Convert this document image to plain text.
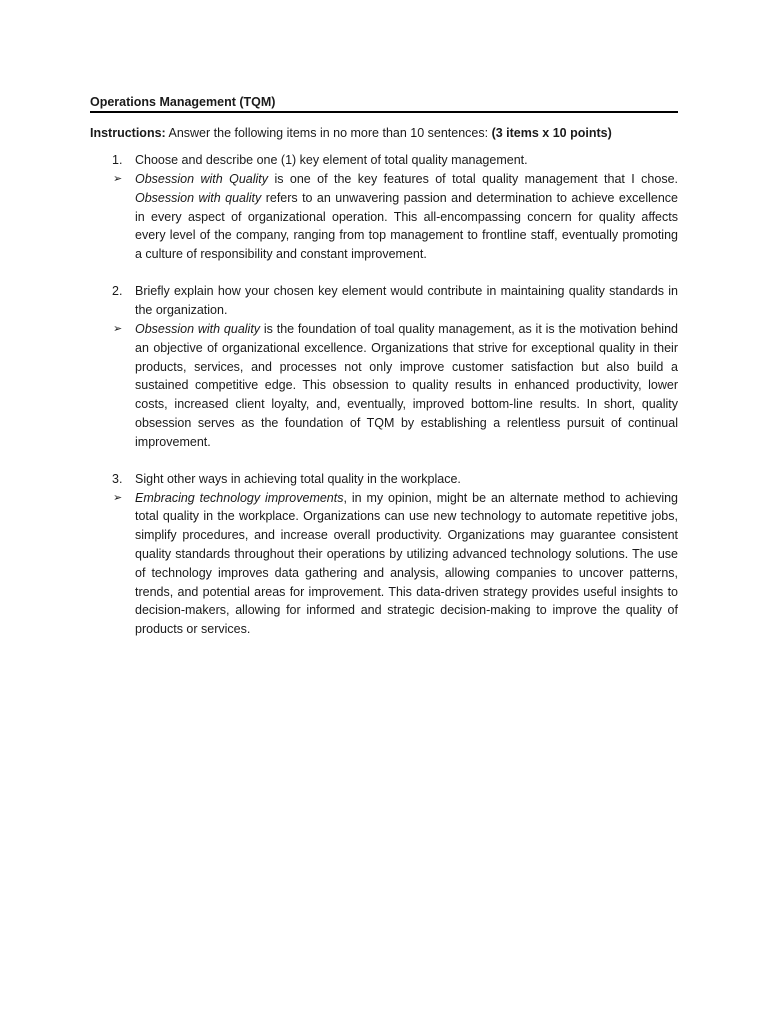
Operations Management (TQM)
Instructions: Answer the following items in no more than 10 sentences: (3 items x 10 points)
1. Choose and describe one (1) key element of total quality management.
➢ Obsession with Quality is one of the key features of total quality management that I chose. Obsession with quality refers to an unwavering passion and determination to achieve excellence in every aspect of organizational operation. This all-encompassing concern for quality affects every level of the company, ranging from top management to frontline staff, eventually promoting a culture of responsibility and constant improvement.
2. Briefly explain how your chosen key element would contribute in maintaining quality standards in the organization.
➢ Obsession with quality is the foundation of toal quality management, as it is the motivation behind an objective of organizational excellence. Organizations that strive for exceptional quality in their products, services, and processes not only improve customer satisfaction but also build a sustained competitive edge. This obsession to quality results in enhanced productivity, lower costs, increased client loyalty, and, eventually, improved bottom-line results. In short, quality obsession serves as the foundation of TQM by establishing a relentless pursuit of continual improvement.
3. Sight other ways in achieving total quality in the workplace.
➢ Embracing technology improvements, in my opinion, might be an alternate method to achieving total quality in the workplace. Organizations can use new technology to automate repetitive jobs, simplify procedures, and increase overall productivity. Organizations may guarantee consistent quality standards throughout their operations by utilizing advanced technology solutions. The use of technology improves data gathering and analysis, allowing companies to uncover patterns, trends, and potential areas for improvement. This data-driven strategy provides useful insights to decision-makers, allowing for informed and strategic decision-making to improve the quality of products or services.
